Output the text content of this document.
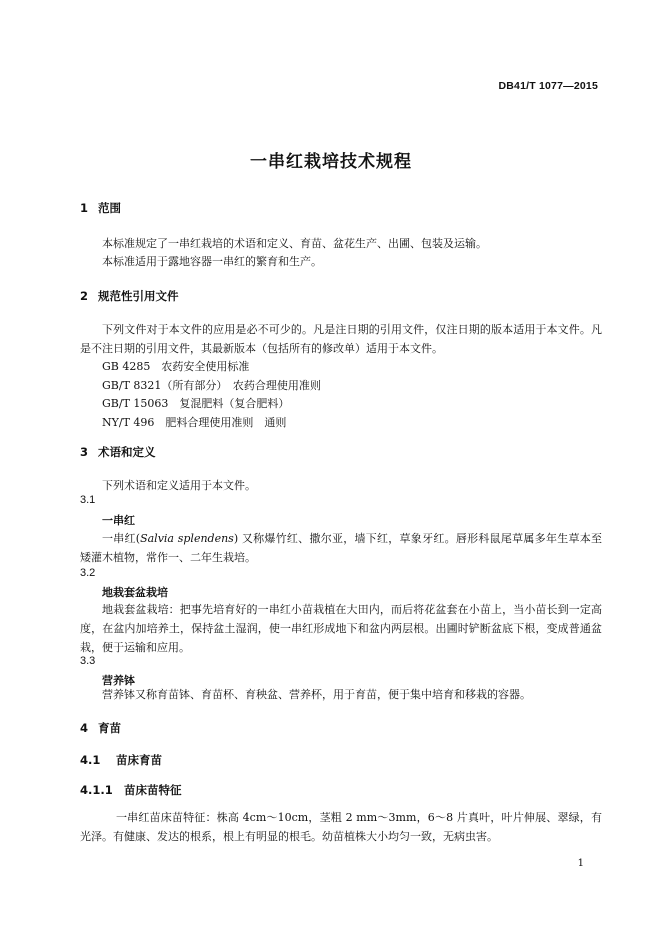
DB41/T 1077—2015
一串红栽培技术规程
1 范围
本标准规定了一串红栽培的术语和定义、育苗、盆花生产、出圃、包装及运输。
本标准适用于露地容器一串红的繁育和生产。
2 规范性引用文件
下列文件对于本文件的应用是必不可少的。凡是注日期的引用文件，仅注日期的版本适用于本文件。凡是不注日期的引用文件，其最新版本（包括所有的修改单）适用于本文件。
GB 4285　农药安全使用标准
GB/T 8321（所有部分）　农药合理使用准则
GB/T 15063　复混肥料（复合肥料）
NY/T 496　肥料合理使用准则　通则
3 术语和定义
下列术语和定义适用于本文件。
3.1
一串红
一串红(Salvia splendens) 又称爆竹红、撒尔亚，墙下红，草象牙红。唇形科鼠尾草属多年生草本至矮灌木植物，常作一、二年生栽培。
3.2
地栽套盆栽培
地栽套盆栽培：把事先培育好的一串红小苗栽植在大田内，而后将花盆套在小苗上，当小苗长到一定高度，在盆内加培养土，保持盆土湿润，使一串红形成地下和盆内两层根。出圃时铲断盆底下根，变成普通盆栽，便于运输和应用。
3.3
营养钵
营养钵又称育苗钵、育苗杯、育秧盆、营养杯，用于育苗，便于集中培育和移栽的容器。
4 育苗
4.1 苗床育苗
4.1.1 苗床苗特征
一串红苗床苗特征：株高 4cm～10cm，茎粗 2 mm～3mm，6～8 片真叶，叶片伸展、翠绿，有光泽。有健康、发达的根系，根上有明显的根毛。幼苗植株大小均匀一致，无病虫害。
1
